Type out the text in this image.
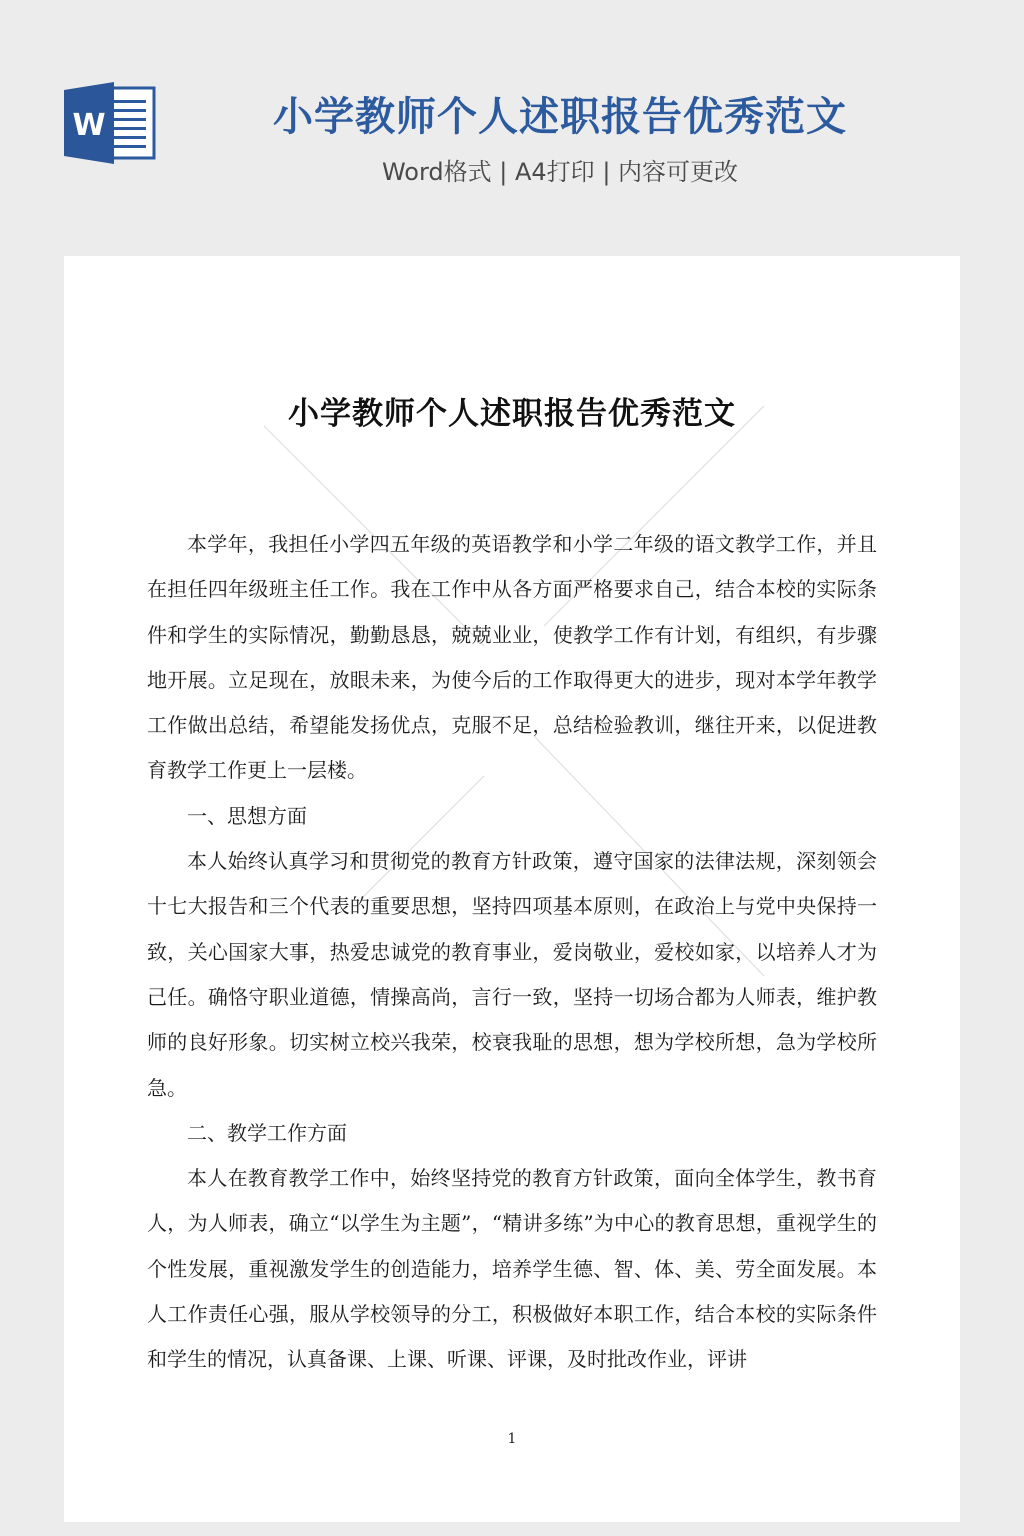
W	小学教师个人述职报告优秀范文
Word格式 | A4打印 | 内容可更改
小学教师个人述职报告优秀范文

本学年，我担任小学四五年级的英语教学和小学二年级的语文教学工作，并且在担任四年级班主任工作。我在工作中从各方面严格要求自己，结合本校的实际条件和学生的实际情况，勤勤恳恳，兢兢业业，使教学工作有计划，有组织，有步骤地开展。立足现在，放眼未来，为使今后的工作取得更大的进步，现对本学年教学工作做出总结，希望能发扬优点，克服不足，总结检验教训，继往开来，以促进教育教学工作更上一层楼。

一、思想方面

本人始终认真学习和贯彻党的教育方针政策，遵守国家的法律法规，深刻领会十七大报告和三个代表的重要思想，坚持四项基本原则，在政治上与党中央保持一致，关心国家大事，热爱忠诚党的教育事业，爱岗敬业，爱校如家，以培养人才为己任。确恪守职业道德，情操高尚，言行一致，坚持一切场合都为人师表，维护教师的良好形象。切实树立校兴我荣，校衰我耻的思想，想为学校所想，急为学校所急。

二、教学工作方面

本人在教育教学工作中，始终坚持党的教育方针政策，面向全体学生，教书育人，为人师表，确立“以学生为主题”，“精讲多练”为中心的教育思想，重视学生的个性发展，重视激发学生的创造能力，培养学生德、智、体、美、劳全面发展。本人工作责任心强，服从学校领导的分工，积极做好本职工作，结合本校的实际条件和学生的情况，认真备课、上课、听课、评课，及时批改作业，评讲

1
